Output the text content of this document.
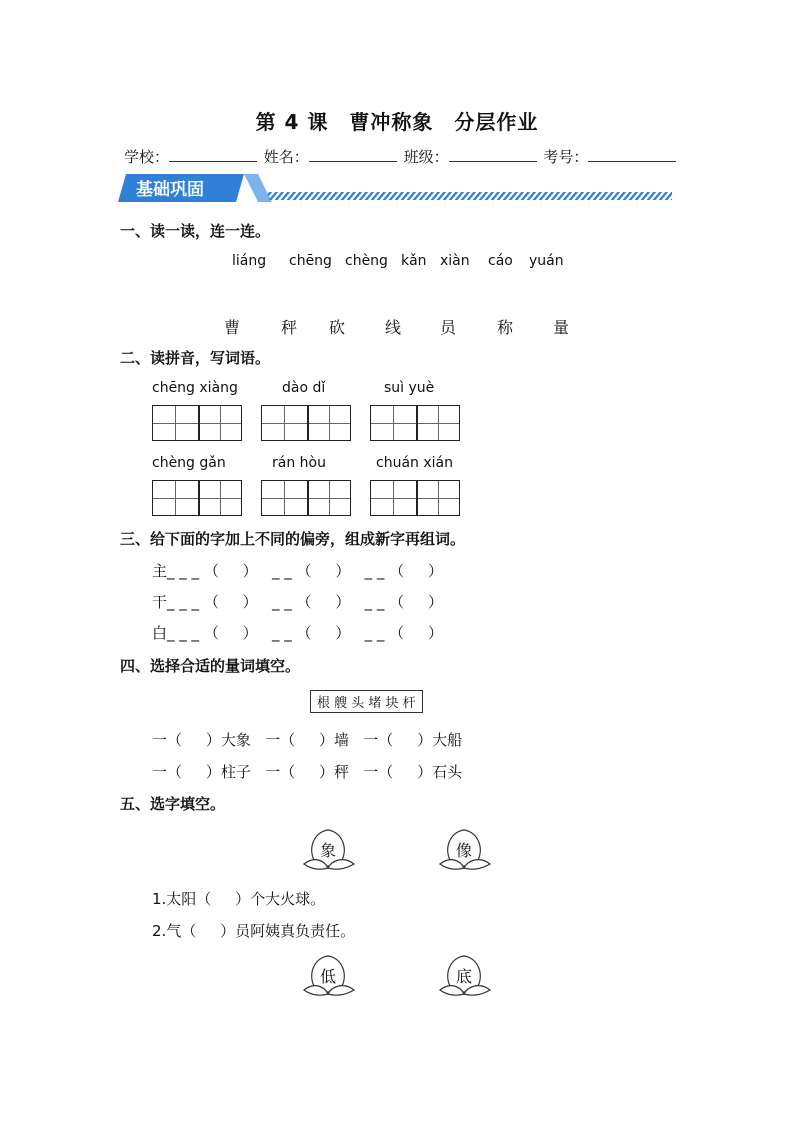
第 4 课　曹冲称象　分层作业
学校：	姓名：	班级：	考号：
基础巩固
一、读一读，连一连。
liáng chēng chèng kǎn xiàn cáo yuán
曹	秤 砍 线 员	称 量
二、读拼音，写词语。
chēng xiàng	dào dǐ	suì yuè
chèng gǎn	rán hòu	chuán xián
三、给下面的字加上不同的偏旁，组成新字再组词。
主_ _ _ （     ）   _ _ （     ）   _ _ （     ）
干_ _ _ （     ）   _ _ （     ）   _ _ （     ）
白_ _ _ （     ）   _ _ （     ）   _ _ （     ）
四、选择合适的量词填空。
根 艘 头 堵 块 杆
一（     ）大象   一（     ）墙   一（     ）大船
一（     ）柱子   一（     ）秤   一（     ）石头
五、选字填空。
象	像
1.太阳（     ）个大火球。
2.气（     ）员阿姨真负责任。
低	底
